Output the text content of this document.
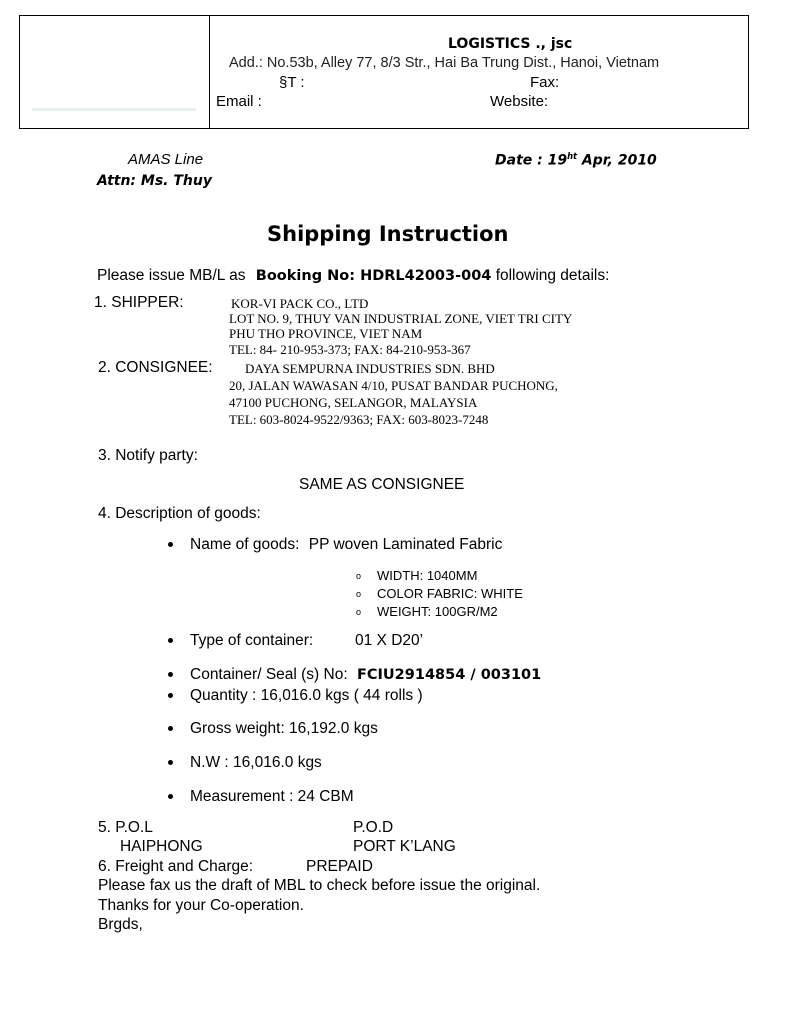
LOGISTICS ., jsc
Add.: No.53b, Alley 77, 8/3 Str., Hai Ba Trung Dist., Hanoi, Vietnam
§T :	Fax:
Email :	Website:
AMAS Line
Attn: Ms. Thuy
Date : $19^{ht}$ Apr, 2010
Shipping Instruction
Please issue MB/L as Booking No: HDRL42003-004 following details:
1. SHIPPER:	KOR-VI PACK CO., LTD
LOT NO. 9, THUY VAN INDUSTRIAL ZONE, VIET TRI CITY
PHU THO PROVINCE, VIET NAM
TEL: 84- 210-953-373; FAX: 84-210-953-367
2. CONSIGNEE: DAYA SEMPURNA INDUSTRIES SDN. BHD
20, JALAN WAWASAN 4/10, PUSAT BANDAR PUCHONG,
47100 PUCHONG, SELANGOR, MALAYSIA
TEL: 603-8024-9522/9363; FAX: 603-8023-7248
3. Notify party:
SAME AS CONSIGNEE
4. Description of goods:
Name of goods: PP woven Laminated Fabric
o WIDTH: 1040MM
o COLOR FABRIC: WHITE
o WEIGHT: 100GR/M2
Type of container:	01 X D20’
Container/ Seal (s) No: FCIU2914854 / 003101
Quantity : 16,016.0 kgs ( 44 rolls )
Gross weight: 16,192.0 kgs
N.W : 16,016.0 kgs
Measurement : 24 CBM
5. P.O.L	P.O.D
HAIPHONG	PORT K’LANG
6. Freight and Charge:	PREPAID
Please fax us the draft of MBL to check before issue the original.
Thanks for your Co-operation.
Brgds,
